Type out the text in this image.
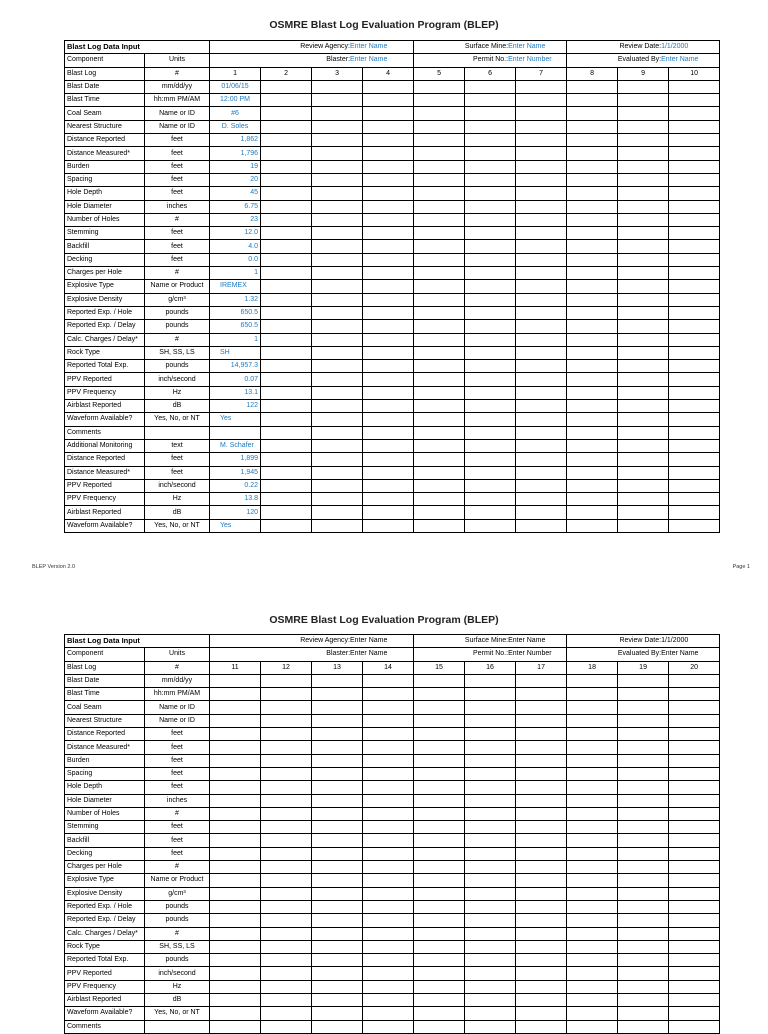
OSMRE Blast Log Evaluation Program (BLEP)
Blast Log Data Input		Review Agency:Enter Name				Surface Mine:Enter Name			Review Date:1/1/2000		
Component	Units	Blaster:Enter Name				Permit No.:Enter Number			Evaluated By:Enter Name		
Blast Log	#	1	2	3	4	5	6	7	8	9	10
Blast Date	mm/dd/yy	01/06/15									
Blast Time	hh:mm PM/AM	12:00 PM									
Coal Seam	Name or ID	#6									
Nearest Structure	Name or ID	D. Soles									
Distance Reported	feet	1,862									
Distance Measured*	feet	1,796									
Burden	feet	19									
Spacing	feet	20									
Hole Depth	feet	45									
Hole Diameter	inches	6.75									
Number of Holes	#	23									
Stemming	feet	12.0									
Backfill	feet	4.0									
Decking	feet	0.0									
Charges per Hole	#	1									
Explosive Type	Name or Product	IREMEX									
Explosive Density	g/cm³	1.32									
Reported Exp. / Hole	pounds	650.5									
Reported Exp. / Delay	pounds	650.5									
Calc. Charges / Delay*	#	1									
Rock Type	SH, SS, LS	SH									
Reported Total Exp.	pounds	14,957.3									
PPV Reported	inch/second	0.07									
PPV Frequency	Hz	13.1									
Airblast Reported	dB	122									
Waveform Available?	Yes, No, or NT	Yes									
Comments											
Additional Monitoring	text	M. Schafer									
Distance Reported	feet	1,899									
Distance Measured*	feet	1,945									
PPV Reported	inch/second	0.22									
PPV Frequency	Hz	13.8									
Airblast Reported	dB	120									
Waveform Available?	Yes, No, or NT	Yes									
BLEP Version 2.0	Page 1
OSMRE Blast Log Evaluation Program (BLEP)
Blast Log Data Input		Review Agency:Enter Name				Surface Mine:Enter Name			Review Date:1/1/2000		
Component	Units	Blaster:Enter Name				Permit No.:Enter Number			Evaluated By:Enter Name		
Blast Log	#	11	12	13	14	15	16	17	18	19	20
Blast Date	mm/dd/yy										
Blast Time	hh:mm PM/AM										
Coal Seam	Name or ID										
Nearest Structure	Name or ID										
Distance Reported	feet										
Distance Measured*	feet										
Burden	feet										
Spacing	feet										
Hole Depth	feet										
Hole Diameter	inches										
Number of Holes	#										
Stemming	feet										
Backfill	feet										
Decking	feet										
Charges per Hole	#										
Explosive Type	Name or Product										
Explosive Density	g/cm³										
Reported Exp. / Hole	pounds										
Reported Exp. / Delay	pounds										
Calc. Charges / Delay*	#										
Rock Type	SH, SS, LS										
Reported Total Exp.	pounds										
PPV Reported	inch/second										
PPV Frequency	Hz										
Airblast Reported	dB										
Waveform Available?	Yes, No, or NT										
Comments											
